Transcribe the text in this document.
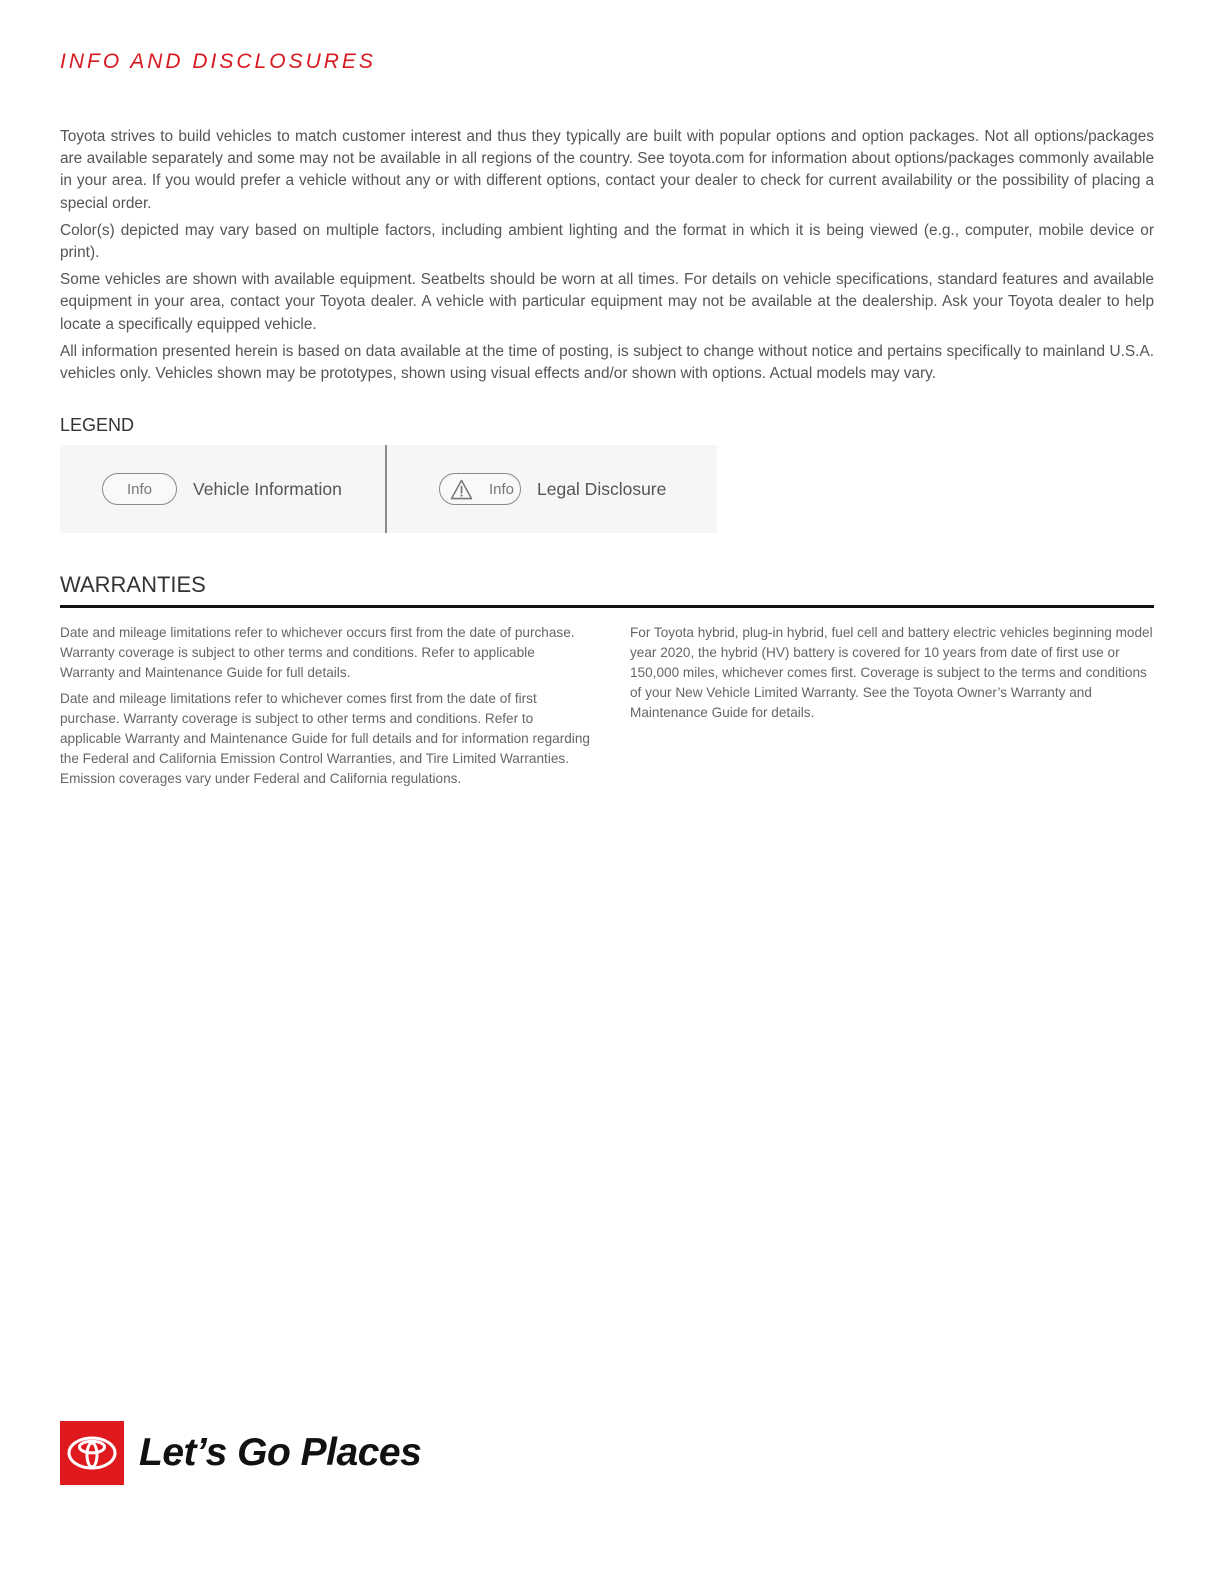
INFO AND DISCLOSURES

Toyota strives to build vehicles to match customer interest and thus they typically are built with popular options and option packages. Not all options/packages are available separately and some may not be available in all regions of the country. See toyota.com for information about options/packages commonly available in your area. If you would prefer a vehicle without any or with different options, contact your dealer to check for current availability or the possibility of placing a special order.

Color(s) depicted may vary based on multiple factors, including ambient lighting and the format in which it is being viewed (e.g., computer, mobile device or print).

Some vehicles are shown with available equipment. Seatbelts should be worn at all times. For details on vehicle specifications, standard features and available equipment in your area, contact your Toyota dealer. A vehicle with particular equipment may not be available at the dealership. Ask your Toyota dealer to help locate a specifically equipped vehicle.

All information presented herein is based on data available at the time of posting, is subject to change without notice and pertains specifically to mainland U.S.A. vehicles only. Vehicles shown may be prototypes, shown using visual effects and/or shown with options. Actual models may vary.

LEGEND
Info	Vehicle Information	Info Legal Disclosure
WARRANTIES

Date and mileage limitations refer to whichever occurs first from the date of purchase. Warranty coverage is subject to other terms and conditions. Refer to applicable Warranty and Maintenance Guide for full details.

Date and mileage limitations refer to whichever comes first from the date of first purchase. Warranty coverage is subject to other terms and conditions. Refer to applicable Warranty and Maintenance Guide for full details and for information regarding the Federal and California Emission Control Warranties, and Tire Limited Warranties. Emission coverages vary under Federal and California regulations.

For Toyota hybrid, plug-in hybrid, fuel cell and battery electric vehicles beginning model year 2020, the hybrid (HV) battery is covered for 10 years from date of first use or 150,000 miles, whichever comes first. Coverage is subject to the terms and conditions of your New Vehicle Limited Warranty. See the Toyota Owner’s Warranty and Maintenance Guide for details.

Let’s Go Places
